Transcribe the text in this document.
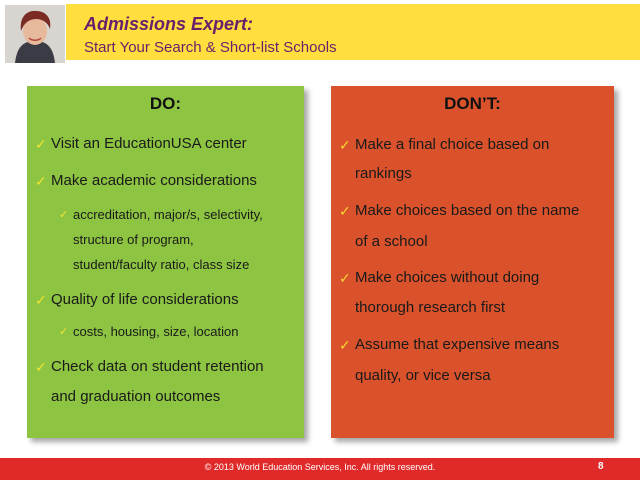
Admissions Expert:
Start Your Search & Short-list Schools
DO:
✓ Visit an EducationUSA center
✓ Make academic considerations
✓ accreditation, major/s, selectivity,
structure of program,
student/faculty ratio, class size
✓ Quality of life considerations
✓ costs, housing, size, location
✓ Check data on student retention
and graduation outcomes
DON’T:
✓ Make a final choice based on
rankings
✓ Make choices based on the name
of a school
✓ Make choices without doing
thorough research first
✓ Assume that expensive means
quality, or vice versa
© 2013 World Education Services, Inc. All rights reserved.	8
